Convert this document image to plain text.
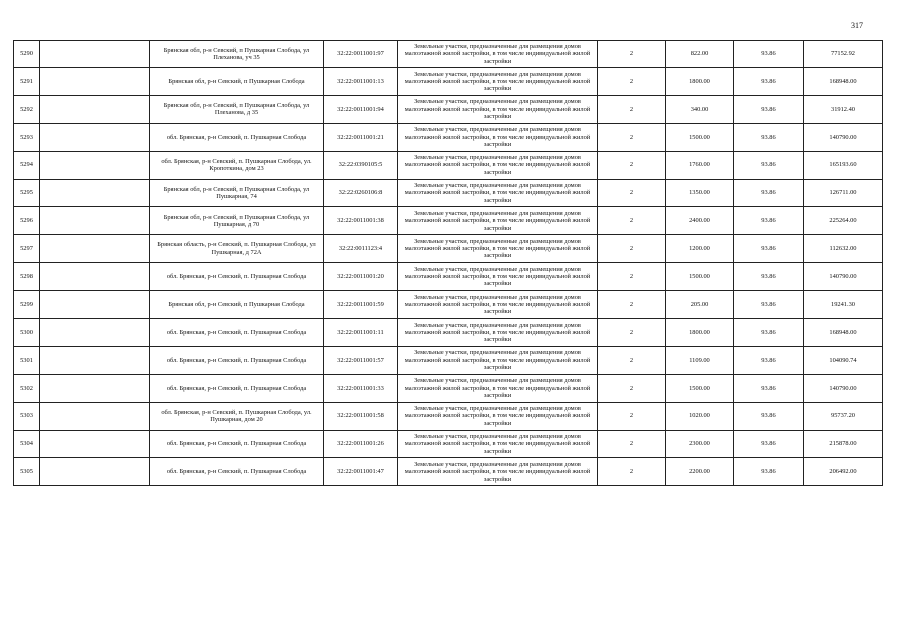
317
5290		Брянская обл, р-н Севский, п Пушкарная Слобода, ул Плеханова, уч 35	32:22:0011001:97	Земельные участки, предназначенные для размещения домов малоэтажной жилой застройки, в том числе индивидуальной жилой застройки	2	822.00	93.86	77152.92
5291		Брянская обл, р-н Севский, п Пушкарная Слобода	32:22:0011001:13	Земельные участки, предназначенные для размещения домов малоэтажной жилой застройки, в том числе индивидуальной жилой застройки	2	1800.00	93.86	168948.00
5292		Брянская обл, р-н Севский, п Пушкарная Слобода, ул Плеханова, д 35	32:22:0011001:94	Земельные участки, предназначенные для размещения домов малоэтажной жилой застройки, в том числе индивидуальной жилой застройки	2	340.00	93.86	31912.40
5293		обл. Брянская, р-н Севский, п. Пушкарная Слобода	32:22:0011001:21	Земельные участки, предназначенные для размещения домов малоэтажной жилой застройки, в том числе индивидуальной жилой застройки	2	1500.00	93.86	140790.00
5294		обл. Брянская, р-н Севский, п. Пушкарная Слобода, ул. Кропоткина, дом 23	32:22:0390105:5	Земельные участки, предназначенные для размещения домов малоэтажной жилой застройки, в том числе индивидуальной жилой застройки	2	1760.00	93.86	165193.60
5295		Брянская обл, р-н Севский, п Пушкарная Слобода, ул Пушкарная, 74	32:22:0260106:8	Земельные участки, предназначенные для размещения домов малоэтажной жилой застройки, в том числе индивидуальной жилой застройки	2	1350.00	93.86	126711.00
5296		Брянская обл, р-н Севский, п Пушкарная Слобода, ул Пушкарная, д 70	32:22:0011001:38	Земельные участки, предназначенные для размещения домов малоэтажной жилой застройки, в том числе индивидуальной жилой застройки	2	2400.00	93.86	225264.00
5297		Брянская область, р-н Севский, п. Пушкарная Слобода, ул Пушкарная, д 72А	32:22:0011123:4	Земельные участки, предназначенные для размещения домов малоэтажной жилой застройки, в том числе индивидуальной жилой застройки	2	1200.00	93.86	112632.00
5298		обл. Брянская, р-н Севский, п. Пушкарная Слобода	32:22:0011001:20	Земельные участки, предназначенные для размещения домов малоэтажной жилой застройки, в том числе индивидуальной жилой застройки	2	1500.00	93.86	140790.00
5299		Брянская обл, р-н Севский, п Пушкарная Слобода	32:22:0011001:59	Земельные участки, предназначенные для размещения домов малоэтажной жилой застройки, в том числе индивидуальной жилой застройки	2	205.00	93.86	19241.30
5300		обл. Брянская, р-н Севский, п. Пушкарная Слобода	32:22:0011001:11	Земельные участки, предназначенные для размещения домов малоэтажной жилой застройки, в том числе индивидуальной жилой застройки	2	1800.00	93.86	168948.00
5301		обл. Брянская, р-н Севский, п. Пушкарная Слобода	32:22:0011001:57	Земельные участки, предназначенные для размещения домов малоэтажной жилой застройки, в том числе индивидуальной жилой застройки	2	1109.00	93.86	104090.74
5302		обл. Брянская, р-н Севский, п. Пушкарная Слобода	32:22:0011001:33	Земельные участки, предназначенные для размещения домов малоэтажной жилой застройки, в том числе индивидуальной жилой застройки	2	1500.00	93.86	140790.00
5303		обл. Брянская, р-н Севский, п. Пушкарная Слобода, ул. Пушкарная, дом 20	32:22:0011001:58	Земельные участки, предназначенные для размещения домов малоэтажной жилой застройки, в том числе индивидуальной жилой застройки	2	1020.00	93.86	95737.20
5304		обл. Брянская, р-н Севский, п. Пушкарная Слобода	32:22:0011001:26	Земельные участки, предназначенные для размещения домов малоэтажной жилой застройки, в том числе индивидуальной жилой застройки	2	2300.00	93.86	215878.00
5305		обл. Брянская, р-н Севский, п. Пушкарная Слобода	32:22:0011001:47	Земельные участки, предназначенные для размещения домов малоэтажной жилой застройки, в том числе индивидуальной жилой застройки	2	2200.00	93.86	206492.00
